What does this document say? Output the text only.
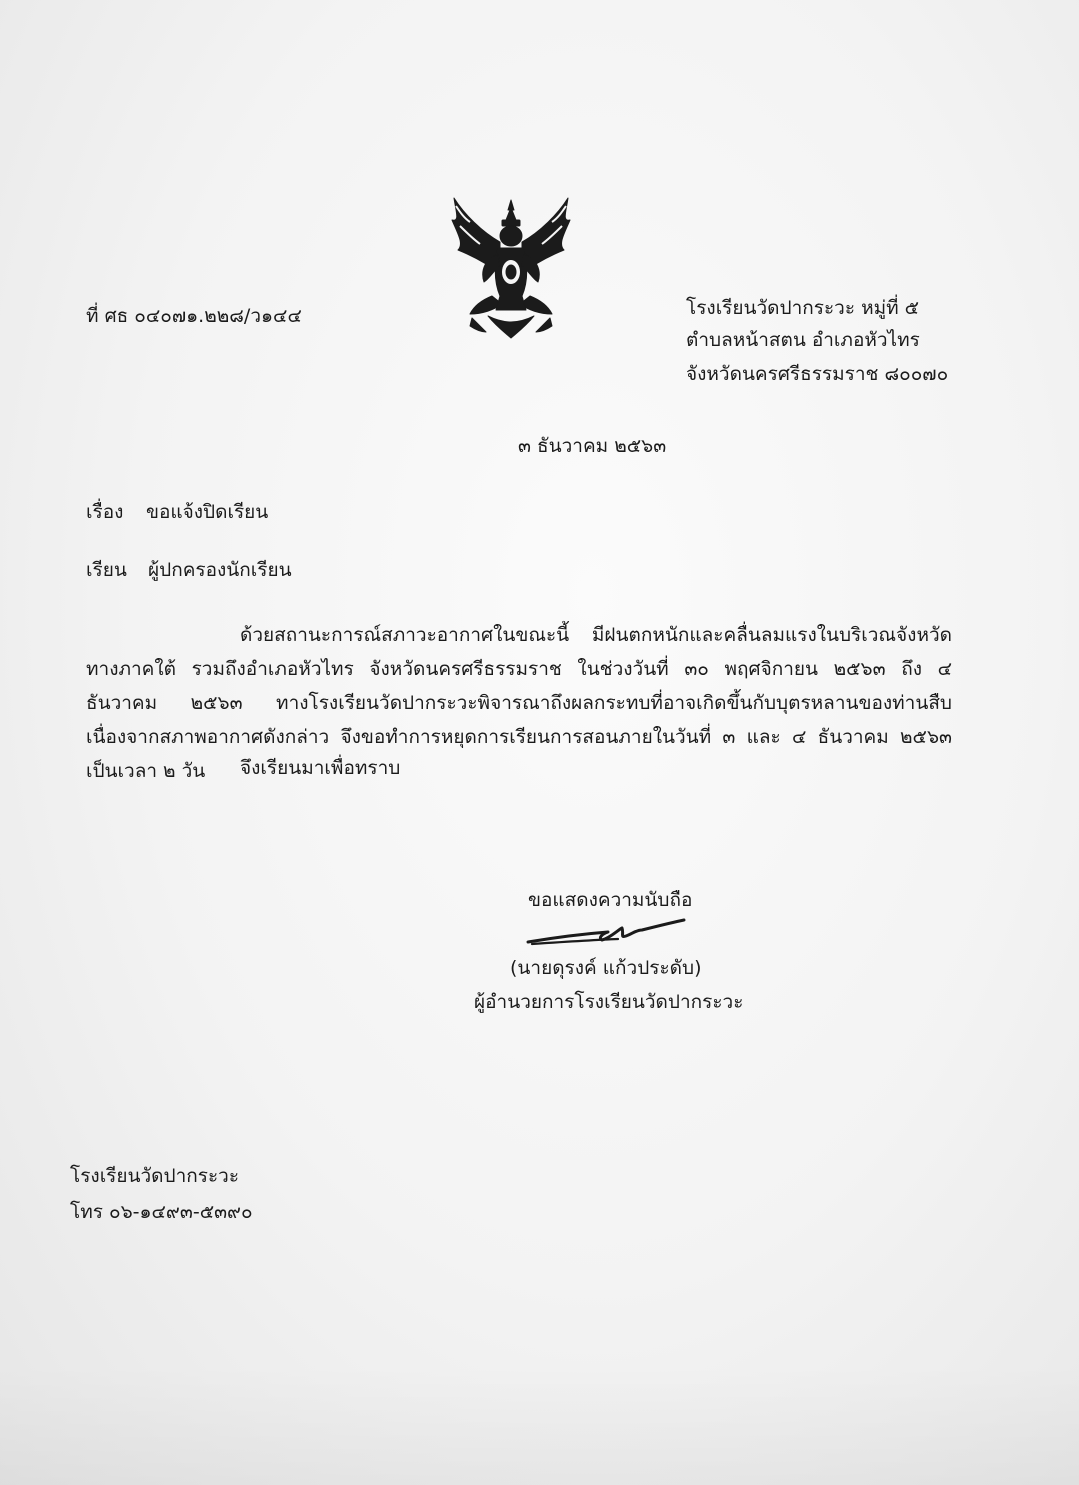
ที่ ศธ ๐๔๐๗๑.๒๒๘/ว๑๔๔	โรงเรียนวัดปากระวะ หมู่ที่ ๕
ตำบลหน้าสตน อำเภอหัวไทร
จังหวัดนครศรีธรรมราช ๘๐๐๗๐
๓ ธันวาคม ๒๕๖๓
เรื่อง ขอแจ้งปิดเรียน
เรียน ผู้ปกครองนักเรียน
ด้วยสถานะการณ์สภาวะอากาศในขณะนี้ มีฝนตกหนักและคลื่นลมแรงในบริเวณจังหวัดทางภาคใต้ รวมถึงอำเภอหัวไทร จังหวัดนครศรีธรรมราช ในช่วงวันที่ ๓๐ พฤศจิกายน ๒๕๖๓ ถึง ๔ ธันวาคม ๒๕๖๓ ทางโรงเรียนวัดปากระวะพิจารณาถึงผลกระทบที่อาจเกิดขึ้นกับบุตรหลานของท่านสืบเนื่องจากสภาพอากาศดังกล่าว จึงขอทำการหยุดการเรียนการสอนภายในวันที่ ๓ และ ๔ ธันวาคม ๒๕๖๓ เป็นเวลา ๒ วัน	จึงเรียนมาเพื่อทราบ
ขอแสดงความนับถือ
(นายดุรงค์ แก้วประดับ)
ผู้อำนวยการโรงเรียนวัดปากระวะ
โรงเรียนวัดปากระวะ
โทร ๐๖-๑๔๙๓-๕๓๙๐
